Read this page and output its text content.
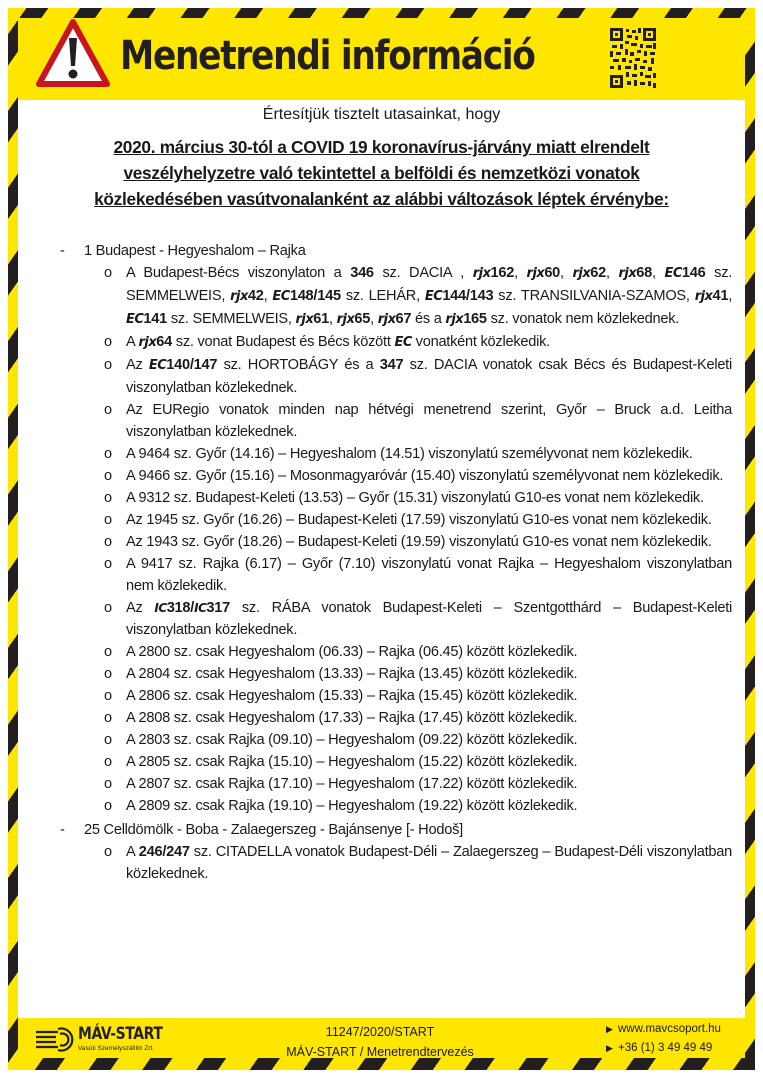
Menetrendi információ
Értesítjük tisztelt utasainkat, hogy
2020. március 30-tól a COVID 19 koronavírus-járvány miatt elrendelt
veszélyhelyzetre való tekintettel a belföldi és nemzetközi vonatok
közlekedésében vasútvonalanként az alábbi változások léptek érvénybe:
- 1 Budapest - Hegyeshalom – Rajka
o A Budapest-Bécs viszonylaton a 346 sz. DACIA , rjx162, rjx60, rjx62, rjx68, EC146 sz. SEMMELWEIS, rjx42, EC148/145 sz. LEHÁR, EC144/143 sz. TRANSILVANIA-SZAMOS, rjx41, EC141 sz. SEMMELWEIS, rjx61, rjx65, rjx67 és a rjx165 sz. vonatok nem közlekednek.
o A rjx64 sz. vonat Budapest és Bécs között EC vonatként közlekedik.
o Az EC140/147 sz. HORTOBÁGY és a 347 sz. DACIA vonatok csak Bécs és Budapest-Keleti viszonylatban közlekednek.
o Az EURegio vonatok minden nap hétvégi menetrend szerint, Győr – Bruck a.d. Leitha viszonylatban közlekednek.
o A 9464 sz. Győr (14.16) – Hegyeshalom (14.51) viszonylatú személyvonat nem közlekedik.
o A 9466 sz. Győr (15.16) – Mosonmagyaróvár (15.40) viszonylatú személyvonat nem közlekedik.
o A 9312 sz. Budapest-Keleti (13.53) – Győr (15.31) viszonylatú G10-es vonat nem közlekedik.
o Az 1945 sz. Győr (16.26) – Budapest-Keleti (17.59) viszonylatú G10-es vonat nem közlekedik.
o Az 1943 sz. Győr (18.26) – Budapest-Keleti (19.59) viszonylatú G10-es vonat nem közlekedik.
o A 9417 sz. Rajka (6.17) – Győr (7.10) viszonylatú vonat Rajka – Hegyeshalom viszonylatban nem közlekedik.
o Az IC318/IC317 sz. RÁBA vonatok Budapest-Keleti – Szentgotthárd – Budapest-Keleti viszonylatban közlekednek.
o A 2800 sz. csak Hegyeshalom (06.33) – Rajka (06.45) között közlekedik.
o A 2804 sz. csak Hegyeshalom (13.33) – Rajka (13.45) között közlekedik.
o A 2806 sz. csak Hegyeshalom (15.33) – Rajka (15.45) között közlekedik.
o A 2808 sz. csak Hegyeshalom (17.33) – Rajka (17.45) között közlekedik.
o A 2803 sz. csak Rajka (09.10) – Hegyeshalom (09.22) között közlekedik.
o A 2805 sz. csak Rajka (15.10) – Hegyeshalom (15.22) között közlekedik.
o A 2807 sz. csak Rajka (17.10) – Hegyeshalom (17.22) között közlekedik.
o A 2809 sz. csak Rajka (19.10) – Hegyeshalom (19.22) között közlekedik.
- 25 Celldömölk - Boba - Zalaegerszeg - Bajánsenye [- Hodoš]
o A 246/247 sz. CITADELLA vonatok Budapest-Déli – Zalaegerszeg – Budapest-Déli viszonylatban közlekednek.
MÁV-START
Vasúti Személyszállító Zrt.
11247/2020/START
MÁV-START / Menetrendtervezés
▶ www.mavcsoport.hu
▶ +36 (1) 3 49 49 49
